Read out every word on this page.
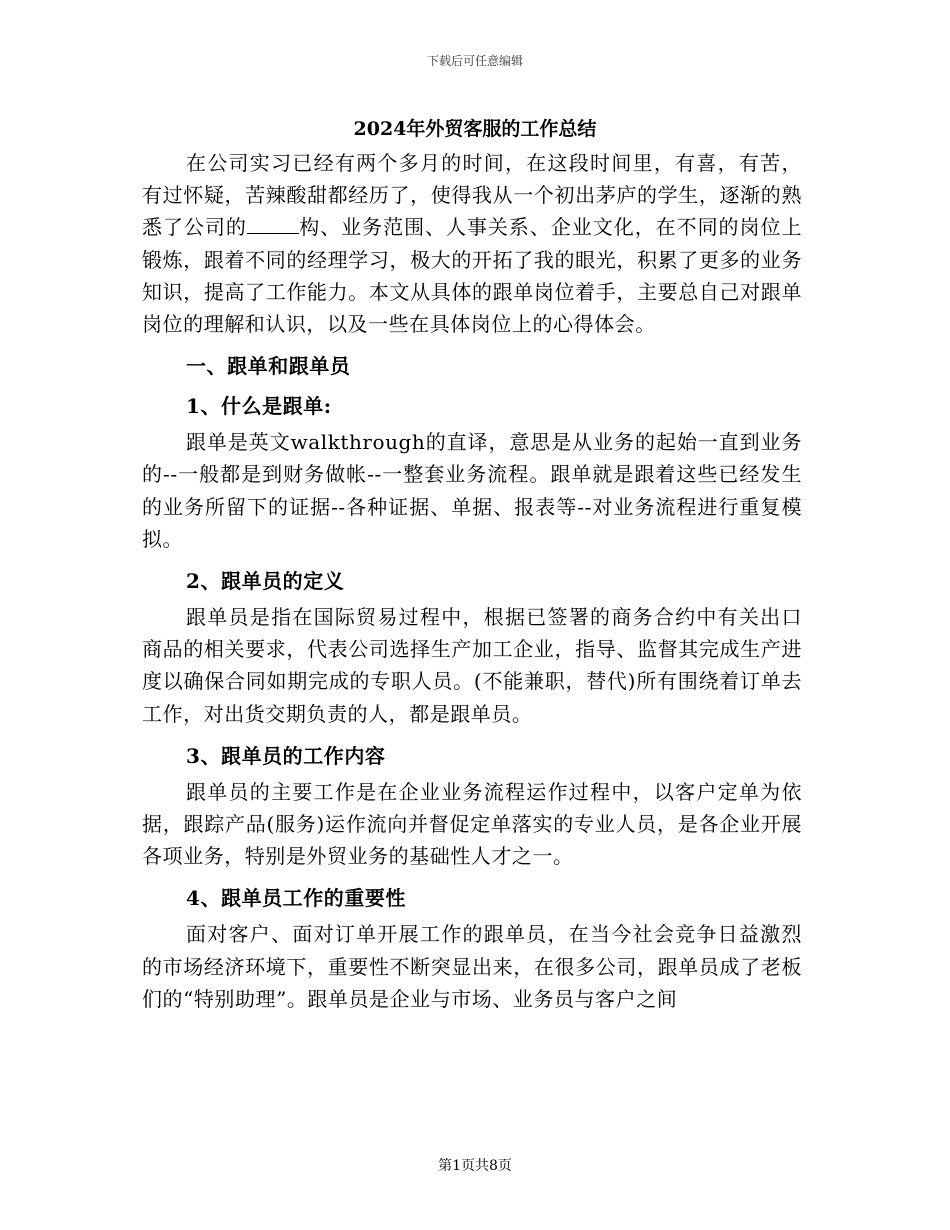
下载后可任意编辑
2024年外贸客服的工作总结

在公司实习已经有两个多月的时间，在这段时间里，有喜，有苦，有过怀疑，苦辣酸甜都经历了，使得我从一个初出茅庐的学生，逐渐的熟悉了公司的	构、业务范围、人事关系、企业文化，在不同的岗位上锻炼，跟着不同的经理学习，极大的开拓了我的眼光，积累了更多的业务知识，提高了工作能力。本文从具体的跟单岗位着手，主要总自己对跟单岗位的理解和认识，以及一些在具体岗位上的心得体会。

一、跟单和跟单员
1、什么是跟单:

跟单是英文walkthrough的直译，意思是从业务的起始一直到业务的--一般都是到财务做帐--一整套业务流程。跟单就是跟着这些已经发生的业务所留下的证据--各种证据、单据、报表等--对业务流程进行重复模拟。

2、跟单员的定义

跟单员是指在国际贸易过程中，根据已签署的商务合约中有关出口商品的相关要求，代表公司选择生产加工企业，指导、监督其完成生产进度以确保合同如期完成的专职人员。(不能兼职，替代)所有围绕着订单去工作，对出货交期负责的人，都是跟单员。

3、跟单员的工作内容

跟单员的主要工作是在企业业务流程运作过程中，以客户定单为依据，跟踪产品(服务)运作流向并督促定单落实的专业人员，是各企业开展各项业务，特别是外贸业务的基础性人才之一。

4、跟单员工作的重要性

面对客户、面对订单开展工作的跟单员，在当今社会竞争日益激烈的市场经济环境下，重要性不断突显出来，在很多公司，跟单员成了老板们的“特别助理”。跟单员是企业与市场、业务员与客户之间

第1页共8页
